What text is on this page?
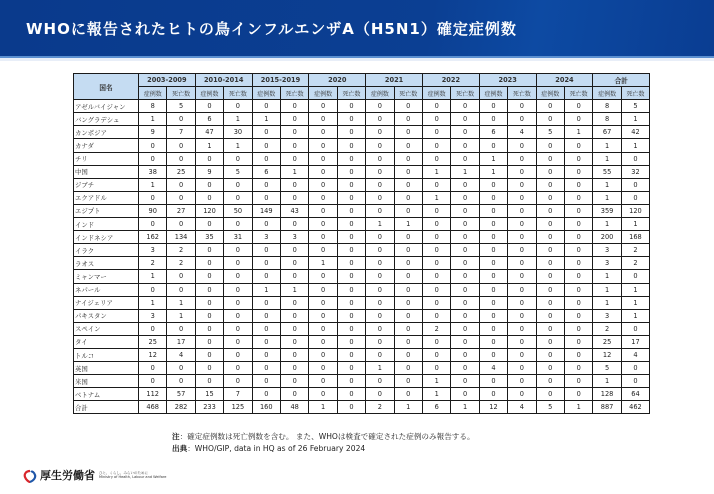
WHOに報告されたヒトの鳥インフルエンザA（H5N1）確定症例数
国名	2003-2009		2010-2014		2015-2019		2020		2021		2022		2023		2024		合計	
	症例数	死亡数	症例数	死亡数	症例数	死亡数	症例数	死亡数	症例数	死亡数	症例数	死亡数	症例数	死亡数	症例数	死亡数	症例数	死亡数
アゼルバイジャン	8	5	0	0	0	0	0	0	0	0	0	0	0	0	0	0	8	5
バングラデシュ	1	0	6	1	1	0	0	0	0	0	0	0	0	0	0	0	8	1
カンボジア	9	7	47	30	0	0	0	0	0	0	0	0	6	4	5	1	67	42
カナダ	0	0	1	1	0	0	0	0	0	0	0	0	0	0	0	0	1	1
チリ	0	0	0	0	0	0	0	0	0	0	0	0	1	0	0	0	1	0
中国	38	25	9	5	6	1	0	0	0	0	1	1	1	0	0	0	55	32
ジブチ	1	0	0	0	0	0	0	0	0	0	0	0	0	0	0	0	1	0
エクアドル	0	0	0	0	0	0	0	0	0	0	1	0	0	0	0	0	1	0
エジプト	90	27	120	50	149	43	0	0	0	0	0	0	0	0	0	0	359	120
インド	0	0	0	0	0	0	0	0	1	1	0	0	0	0	0	0	1	1
インドネシア	162	134	35	31	3	3	0	0	0	0	0	0	0	0	0	0	200	168
イラク	3	2	0	0	0	0	0	0	0	0	0	0	0	0	0	0	3	2
ラオス	2	2	0	0	0	0	1	0	0	0	0	0	0	0	0	0	3	2
ミャンマー	1	0	0	0	0	0	0	0	0	0	0	0	0	0	0	0	1	0
ネパール	0	0	0	0	1	1	0	0	0	0	0	0	0	0	0	0	1	1
ナイジェリア	1	1	0	0	0	0	0	0	0	0	0	0	0	0	0	0	1	1
パキスタン	3	1	0	0	0	0	0	0	0	0	0	0	0	0	0	0	3	1
スペイン	0	0	0	0	0	0	0	0	0	0	2	0	0	0	0	0	2	0
タイ	25	17	0	0	0	0	0	0	0	0	0	0	0	0	0	0	25	17
トルコ	12	4	0	0	0	0	0	0	0	0	0	0	0	0	0	0	12	4
英国	0	0	0	0	0	0	0	0	1	0	0	0	4	0	0	0	5	0
米国	0	0	0	0	0	0	0	0	0	0	1	0	0	0	0	0	1	0
ベトナム	112	57	15	7	0	0	0	0	0	0	1	0	0	0	0	0	128	64
合計	468	282	233	125	160	48	1	0	2	1	6	1	12	4	5	1	887	462
注：確定症例数は死亡例数を含む。 また、WHOは検査で確定された症例のみ報告する。
出典：WHO/GIP, data in HQ as of 26 February 2024
厚生労働省 ひと、くらし、みらいのために
Ministry of Health, Labour and Welfare
